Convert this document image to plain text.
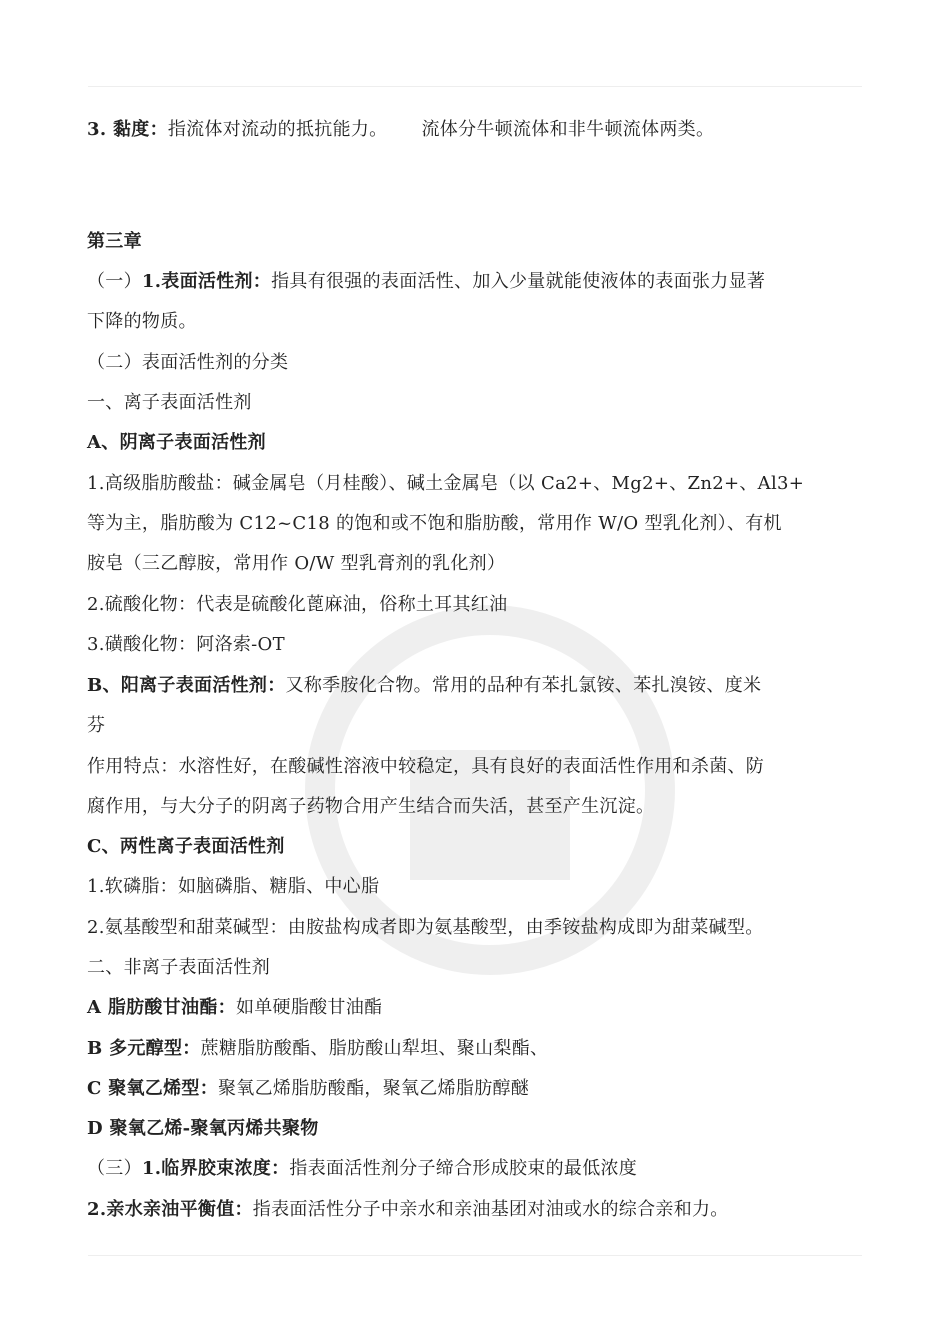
3. 黏度：指流体对流动的抵抗能力。 流体分牛顿流体和非牛顿流体两类。
第三章
（一）1.表面活性剂：指具有很强的表面活性、加入少量就能使液体的表面张力显著
下降的物质。
（二）表面活性剂的分类
一、离子表面活性剂
A、阴离子表面活性剂
1.高级脂肪酸盐：碱金属皂（月桂酸）、碱土金属皂（以 Ca2+、Mg2+、Zn2+、Al3+
等为主，脂肪酸为 C12~C18 的饱和或不饱和脂肪酸，常用作 W/O 型乳化剂）、有机
胺皂（三乙醇胺，常用作 O/W 型乳膏剂的乳化剂）
2.硫酸化物：代表是硫酸化蓖麻油，俗称土耳其红油
3.磺酸化物：阿洛索-OT
B、阳离子表面活性剂：又称季胺化合物。常用的品种有苯扎氯铵、苯扎溴铵、度米
芬
作用特点：水溶性好，在酸碱性溶液中较稳定，具有良好的表面活性作用和杀菌、防
腐作用，与大分子的阴离子药物合用产生结合而失活，甚至产生沉淀。
C、两性离子表面活性剂
1.软磷脂：如脑磷脂、糖脂、中心脂
2.氨基酸型和甜菜碱型：由胺盐构成者即为氨基酸型，由季铵盐构成即为甜菜碱型。
二、非离子表面活性剂
A 脂肪酸甘油酯：如单硬脂酸甘油酯
B 多元醇型：蔗糖脂肪酸酯、脂肪酸山犁坦、聚山梨酯、
C 聚氧乙烯型：聚氧乙烯脂肪酸酯，聚氧乙烯脂肪醇醚
D 聚氧乙烯-聚氧丙烯共聚物
（三）1.临界胶束浓度：指表面活性剂分子缔合形成胶束的最低浓度
2.亲水亲油平衡值：指表面活性分子中亲水和亲油基团对油或水的综合亲和力。
